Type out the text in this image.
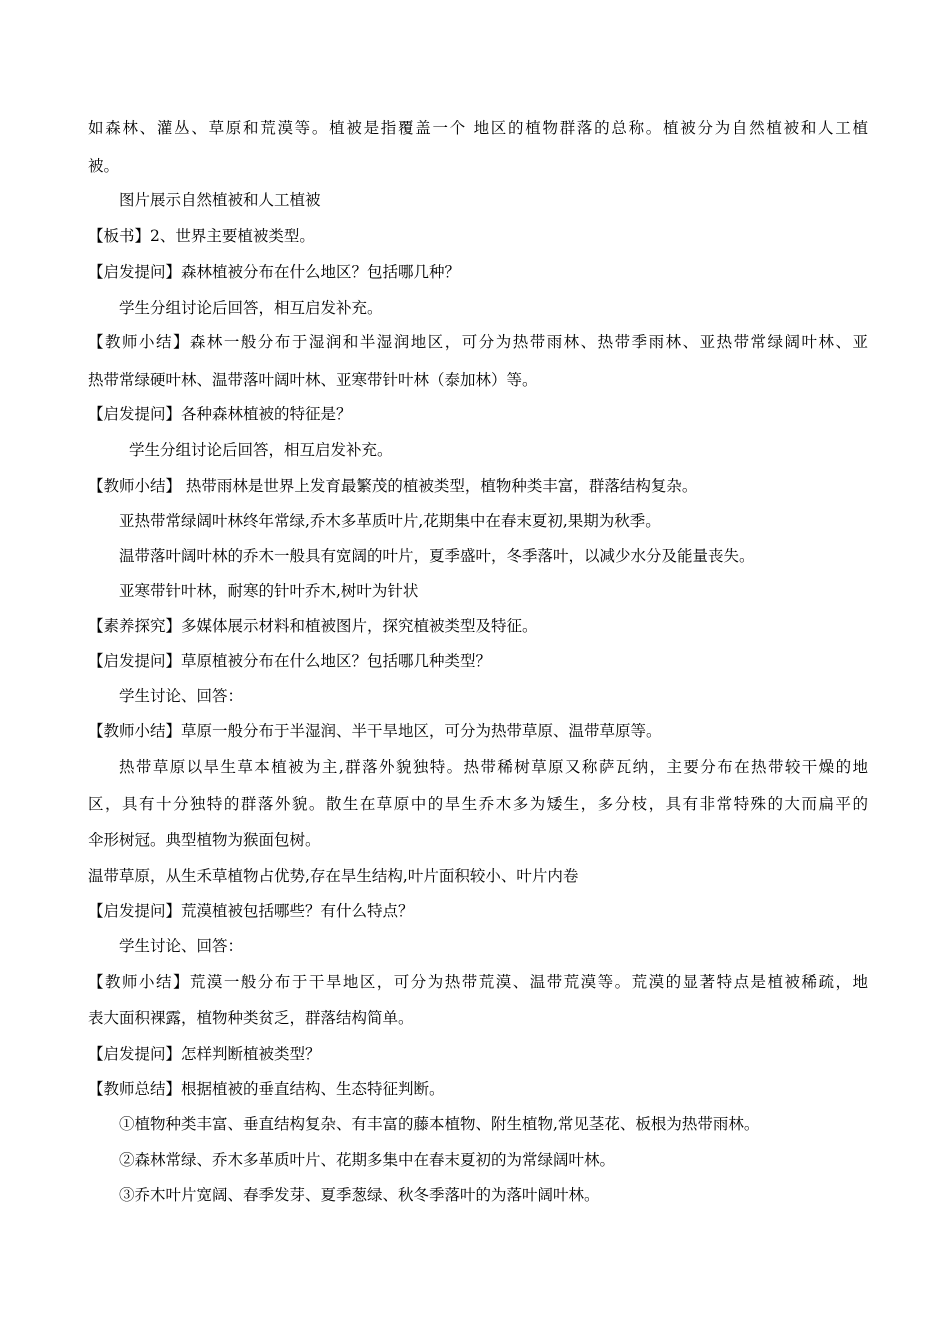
如森林、灌丛、草原和荒漠等。植被是指覆盖一个 地区的植物群落的总称。植被分为自然植被和人工植
被。
图片展示自然植被和人工植被
【板书】2、世界主要植被类型。
【启发提问】森林植被分布在什么地区？包括哪几种？
学生分组讨论后回答，相互启发补充。
【教师小结】森林一般分布于湿润和半湿润地区，可分为热带雨林、热带季雨林、亚热带常绿阔叶林、亚
热带常绿硬叶林、温带落叶阔叶林、亚寒带针叶林（泰加林）等。
【启发提问】各种森林植被的特征是？
学生分组讨论后回答，相互启发补充。
【教师小结】 热带雨林是世界上发育最繁茂的植被类型，植物种类丰富，群落结构复杂。
亚热带常绿阔叶林终年常绿,乔木多革质叶片,花期集中在春末夏初,果期为秋季。
温带落叶阔叶林的乔木一般具有宽阔的叶片，夏季盛叶，冬季落叶，以减少水分及能量丧失。
亚寒带针叶林，耐寒的针叶乔木,树叶为针状
【素养探究】多媒体展示材料和植被图片，探究植被类型及特征。
【启发提问】草原植被分布在什么地区？包括哪几种类型？
学生讨论、回答：
【教师小结】草原一般分布于半湿润、半干旱地区，可分为热带草原、温带草原等。
热带草原以旱生草本植被为主,群落外貌独特。热带稀树草原又称萨瓦纳，主要分布在热带较干燥的地
区，具有十分独特的群落外貌。散生在草原中的旱生乔木多为矮生，多分枝，具有非常特殊的大而扁平的
伞形树冠。典型植物为猴面包树。
温带草原，从生禾草植物占优势,存在旱生结构,叶片面积较小、叶片内卷
【启发提问】荒漠植被包括哪些？有什么特点？
学生讨论、回答：
【教师小结】荒漠一般分布于干旱地区，可分为热带荒漠、温带荒漠等。荒漠的显著特点是植被稀疏，地
表大面积裸露，植物种类贫乏，群落结构简单。
【启发提问】怎样判断植被类型？
【教师总结】根据植被的垂直结构、生态特征判断。
①植物种类丰富、垂直结构复杂、有丰富的藤本植物、附生植物,常见茎花、板根为热带雨林。
②森林常绿、乔木多革质叶片、花期多集中在春末夏初的为常绿阔叶林。
③乔木叶片宽阔、春季发芽、夏季葱绿、秋冬季落叶的为落叶阔叶林。
